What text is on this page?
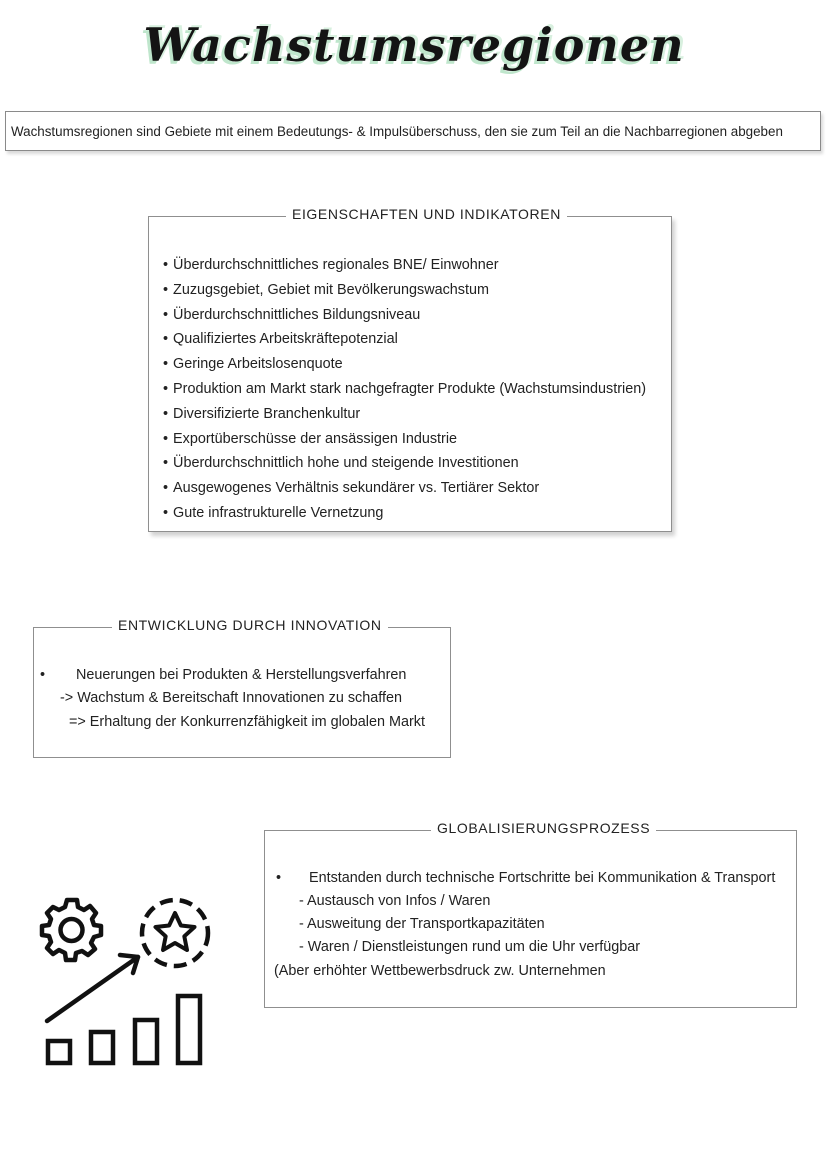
Wachstumsregionen
Wachstumsregionen sind Gebiete mit einem Bedeutungs- & Impulsüberschuss, den sie zum Teil an die Nachbarregionen abgeben
EIGENSCHAFTEN UND INDIKATOREN
• Überdurchschnittliches regionales BNE/ Einwohner
• Zuzugsgebiet, Gebiet mit Bevölkerungswachstum
• Überdurchschnittliches Bildungsniveau
• Qualifiziertes Arbeitskräftepotenzial
• Geringe Arbeitslosenquote
• Produktion am Markt stark nachgefragter Produkte (Wachstumsindustrien)
• Diversifizierte Branchenkultur
• Exportüberschüsse der ansässigen Industrie
• Überdurchschnittlich hohe und steigende Investitionen
• Ausgewogenes Verhältnis sekundärer vs. Tertiärer Sektor
• Gute infrastrukturelle Vernetzung
ENTWICKLUNG DURCH INNOVATION
• Neuerungen bei Produkten & Herstellungsverfahren
-> Wachstum & Bereitschaft Innovationen zu schaffen
=> Erhaltung der Konkurrenzfähigkeit im globalen Markt
GLOBALISIERUNGSPROZESS
• Entstanden durch technische Fortschritte bei Kommunikation & Transport
- Austausch von Infos / Waren
- Ausweitung der Transportkapazitäten
- Waren / Dienstleistungen rund um die Uhr verfügbar
(Aber erhöhter Wettbewerbsdruck zw. Unternehmen
